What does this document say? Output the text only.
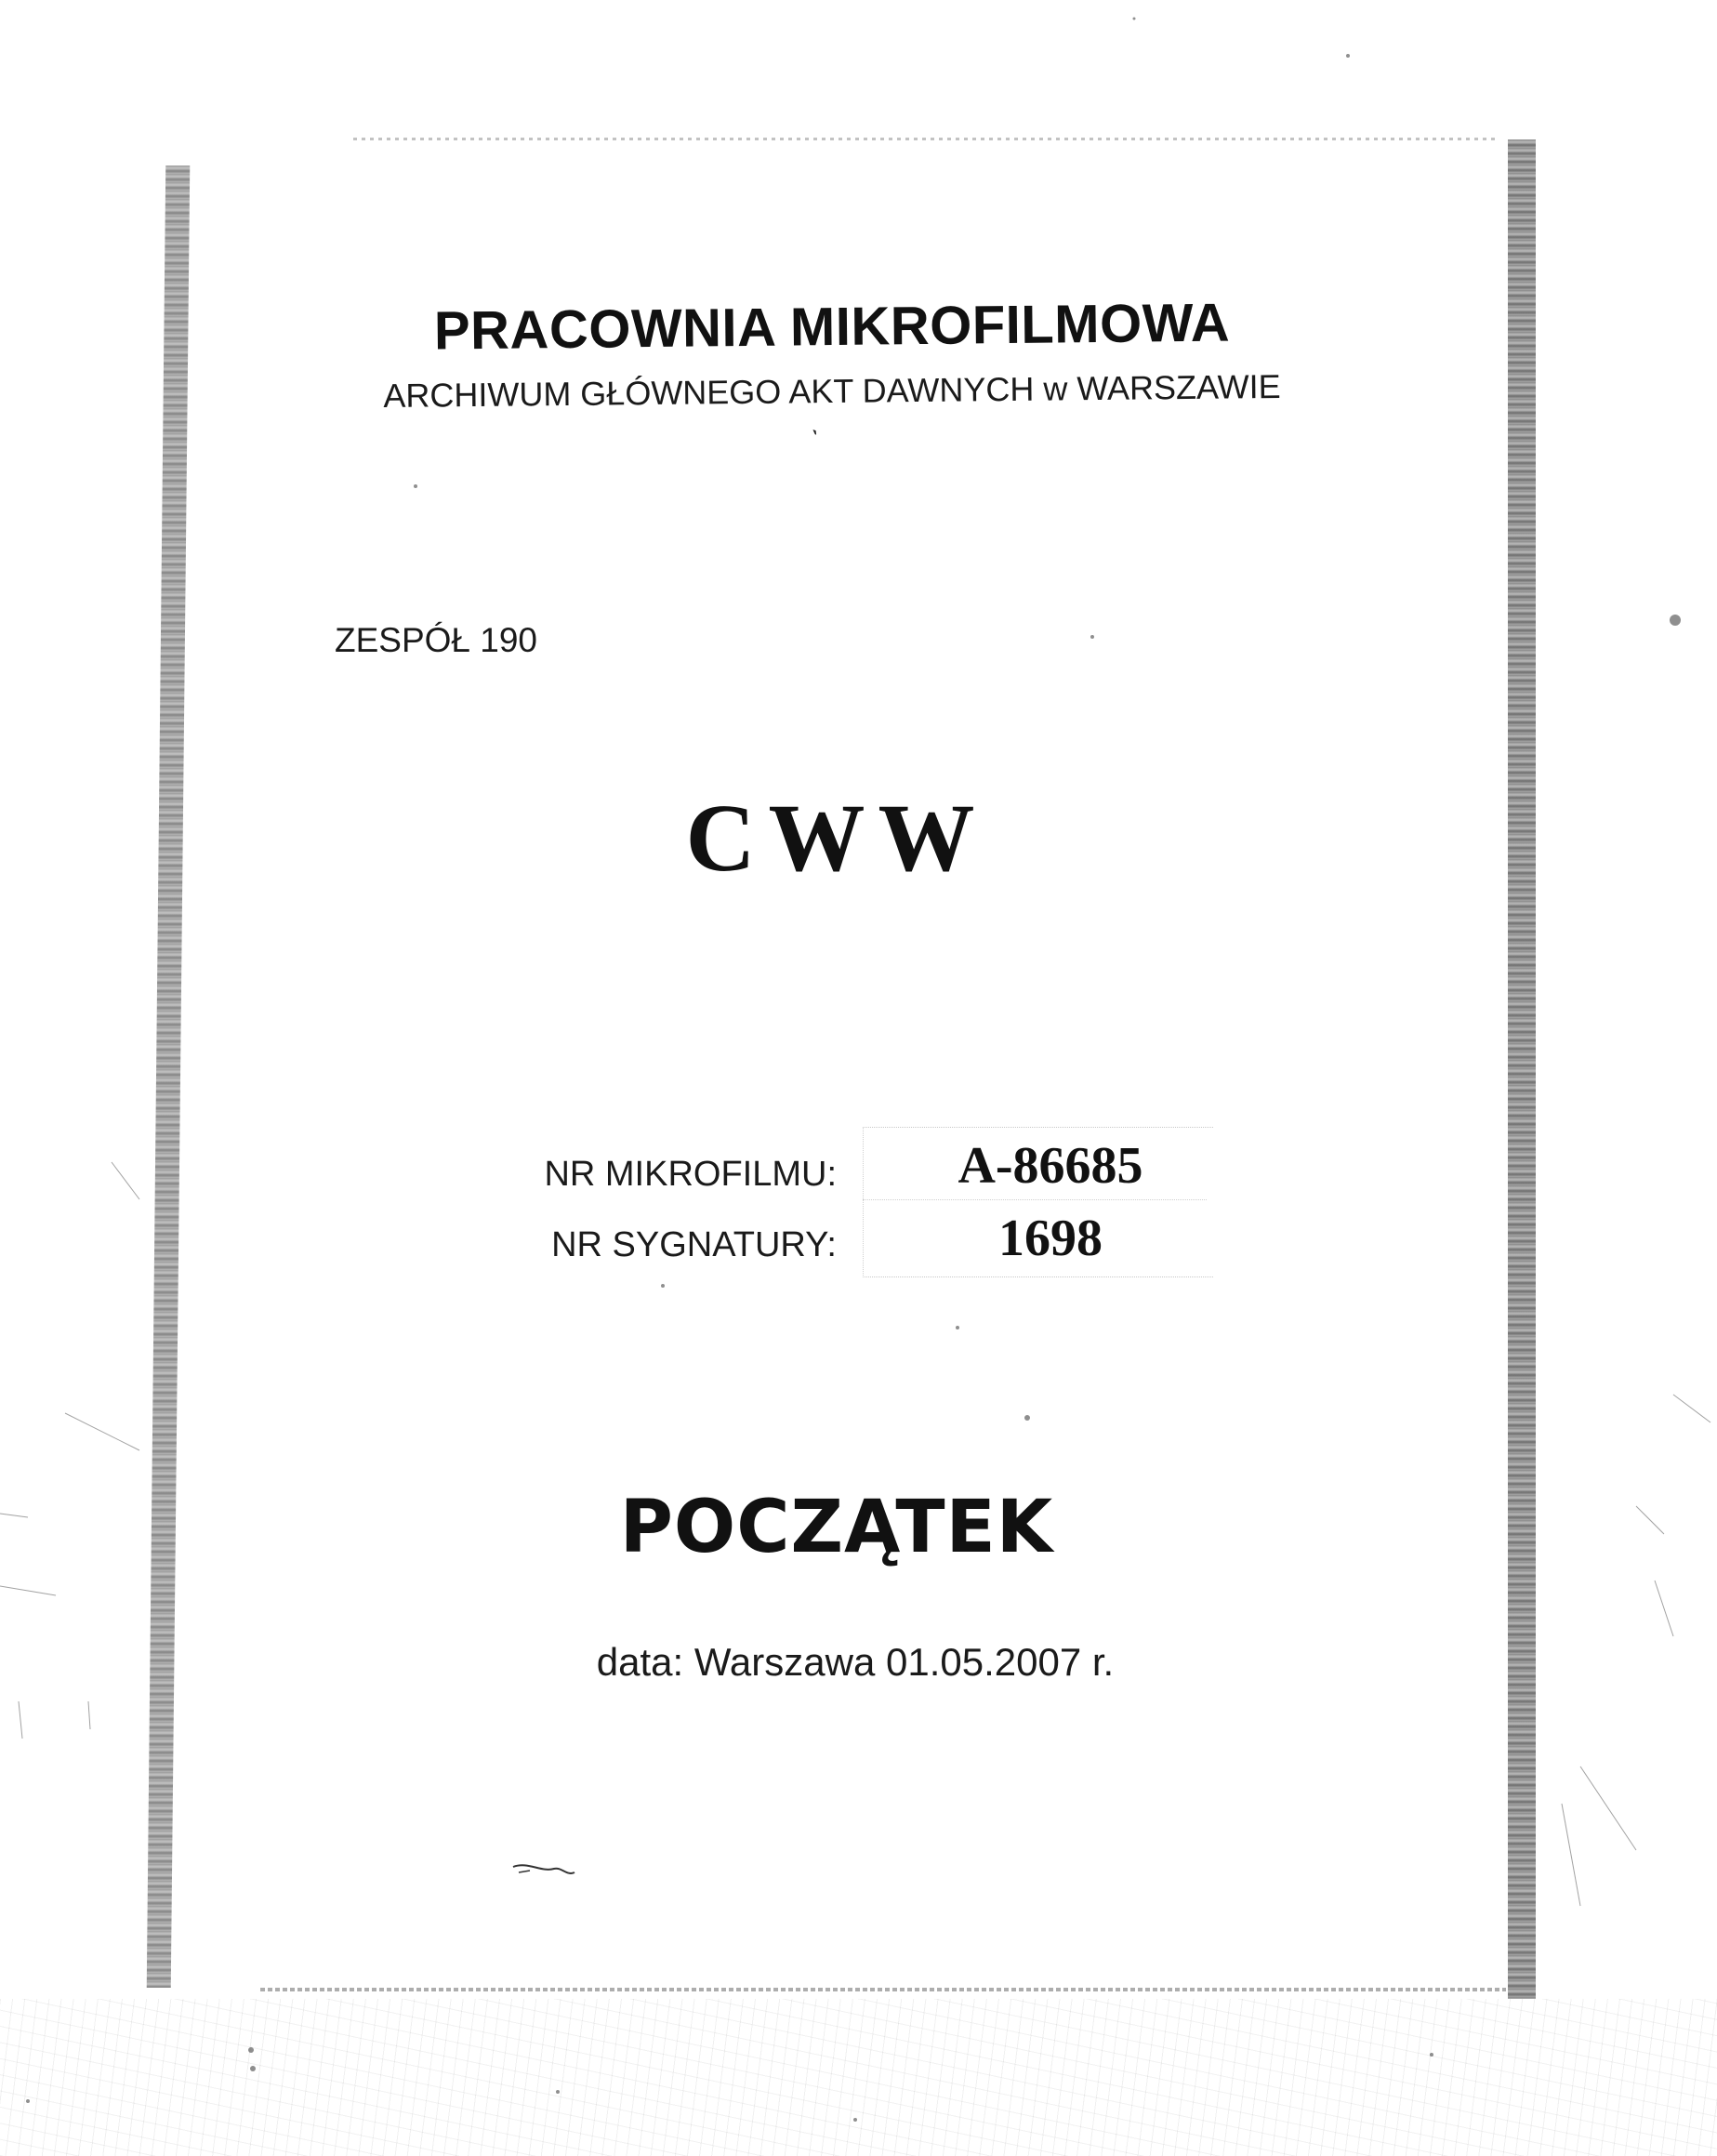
PRACOWNIA MIKROFILMOWA
ARCHIWUM GŁÓWNEGO AKT DAWNYCH w WARSZAWIE
ˋ
ZESPÓŁ 190
CWW
NR MIKROFILMU:	A-86685
NR SYGNATURY:	1698
POCZĄTEK
data: Warszawa 01.05.2007 r.
